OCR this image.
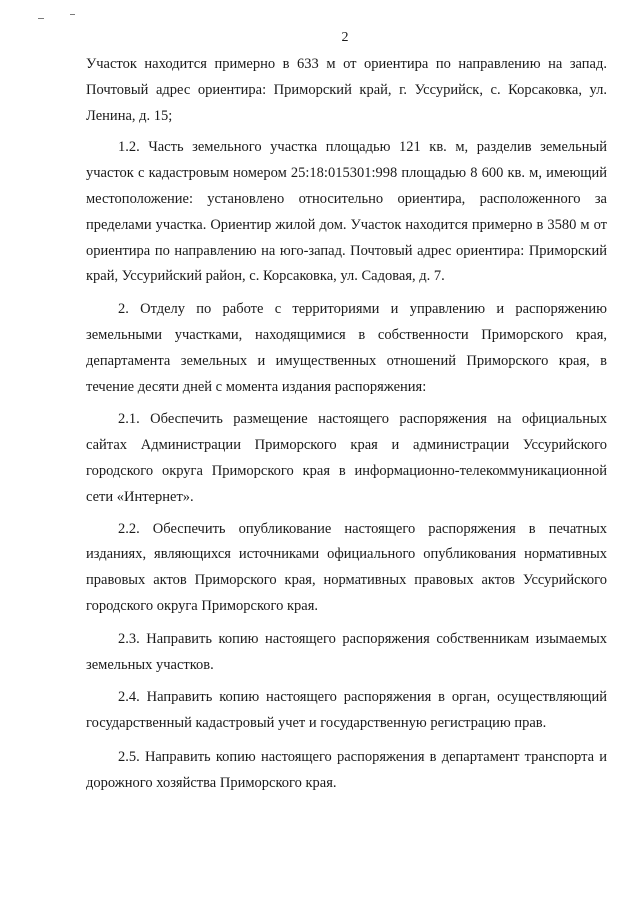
2

Участок находится примерно в 633 м от ориентира по направлению на запад. Почтовый адрес ориентира: Приморский край, г. Уссурийск, с. Корсаковка, ул. Ленина, д. 15;

1.2. Часть земельного участка площадью 121 кв. м, разделив земельный участок с кадастровым номером 25:18:015301:998 площадью 8 600 кв. м, имеющий местоположение: установлено относительно ориентира, расположенного за пределами участка. Ориентир жилой дом. Участок находится примерно в 3580 м от ориентира по направлению на юго-запад. Почтовый адрес ориентира: Приморский край, Уссурийский район, с. Корсаковка, ул. Садовая, д. 7.

2. Отделу по работе с территориями и управлению и распоряжению земельными участками, находящимися в собственности Приморского края, департамента земельных и имущественных отношений Приморского края, в течение десяти дней с момента издания распоряжения:

2.1. Обеспечить размещение настоящего распоряжения на официальных сайтах Администрации Приморского края и администрации Уссурийского городского округа Приморского края в информационно-телекоммуникационной сети «Интернет».

2.2. Обеспечить опубликование настоящего распоряжения в печатных изданиях, являющихся источниками официального опубликования нормативных правовых актов Приморского края, нормативных правовых актов Уссурийского городского округа Приморского края.

2.3. Направить копию настоящего распоряжения собственникам изымаемых земельных участков.

2.4. Направить копию настоящего распоряжения в орган, осуществляющий государственный кадастровый учет и государственную регистрацию прав.

2.5. Направить копию настоящего распоряжения в департамент транспорта и дорожного хозяйства Приморского края.
